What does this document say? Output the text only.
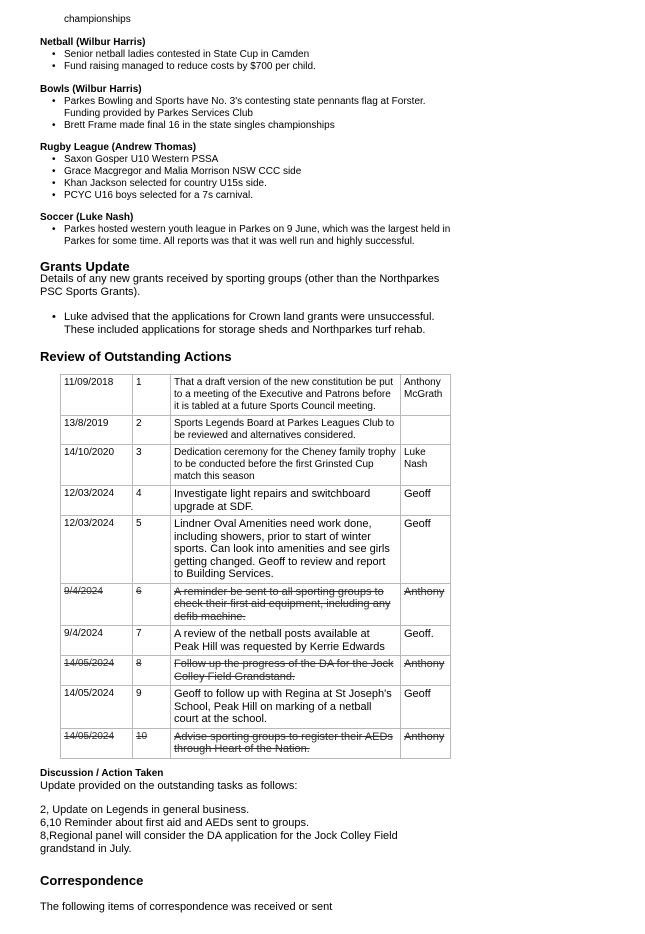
championships
Netball (Wilbur Harris)
• Senior netball ladies contested in State Cup in Camden
• Fund raising managed to reduce costs by $700 per child.
Bowls (Wilbur Harris)
• Parkes Bowling and Sports have No. 3's contesting state pennants flag at Forster. Funding provided by Parkes Services Club
• Brett Frame made final 16 in the state singles championships
Rugby League (Andrew Thomas)
• Saxon Gosper U10 Western PSSA
• Grace Macgregor and Malia Morrison NSW CCC side
• Khan Jackson selected for country U15s side.
• PCYC U16 boys selected for a 7s carnival.
Soccer (Luke Nash)
• Parkes hosted western youth league in Parkes on 9 June, which was the largest held in Parkes for some time. All reports was that it was well run and highly successful.
Grants Update
Details of any new grants received by sporting groups (other than the Northparkes PSC Sports Grants).
• Luke advised that the applications for Crown land grants were unsuccessful. These included applications for storage sheds and Northparkes turf rehab.
Review of Outstanding Actions
11/09/2018	1	That a draft version of the new constitution be put to a meeting of the Executive and Patrons before it is tabled at a future Sports Council meeting.	Anthony McGrath
13/8/2019	2	Sports Legends Board at Parkes Leagues Club to be reviewed and alternatives considered.	
14/10/2020	3	Dedication ceremony for the Cheney family trophy to be conducted before the first Grinsted Cup match this season	Luke Nash
12/03/2024	4	Investigate light repairs and switchboard upgrade at SDF.	Geoff
12/03/2024	5	Lindner Oval Amenities need work done, including showers, prior to start of winter sports. Can look into amenities and see girls getting changed. Geoff to review and report to Building Services.	Geoff
9/4/2024	6	A reminder be sent to all sporting groups to check their first aid equipment, including any defib machine.	Anthony
9/4/2024	7	A review of the netball posts available at Peak Hill was requested by Kerrie Edwards	Geoff.
14/05/2024	8	Follow up the progress of the DA for the Jock Colley Field Grandstand.	Anthony
14/05/2024	9	Geoff to follow up with Regina at St Joseph's School, Peak Hill on marking of a netball court at the school.	Geoff
14/05/2024	10	Advise sporting groups to register their AEDs through Heart of the Nation.	Anthony
Discussion / Action Taken
Update provided on the outstanding tasks as follows:
2, Update on Legends in general business.
6,10 Reminder about first aid and AEDs sent to groups.
8,Regional panel will consider the DA application for the Jock Colley Field grandstand in July.
Correspondence
The following items of correspondence was received or sent
